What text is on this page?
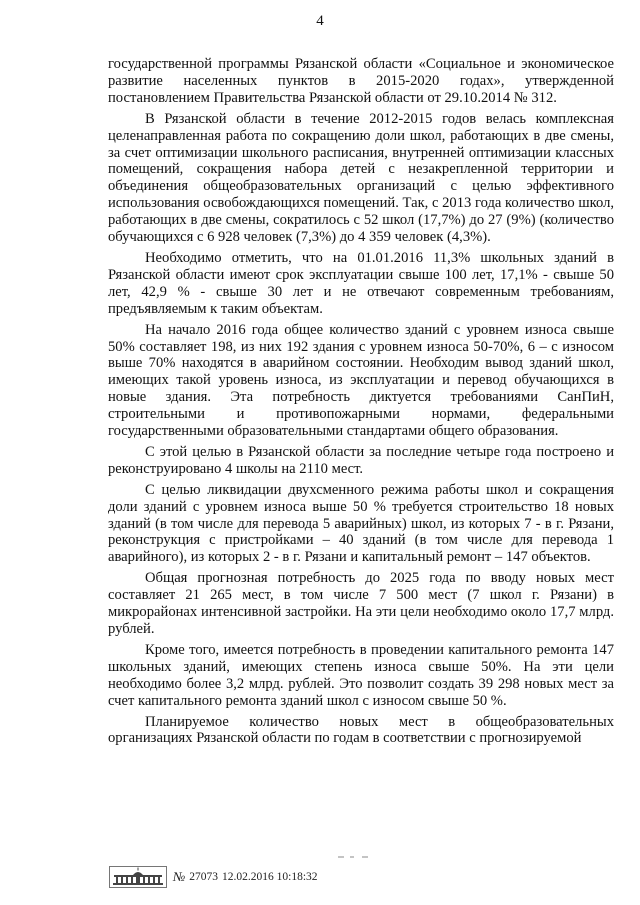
4

государственной программы Рязанской области «Социальное и экономическое развитие населенных пунктов в 2015-2020 годах», утвержденной постановлением Правительства Рязанской области от 29.10.2014 № 312.

В Рязанской области в течение 2012-2015 годов велась комплексная целенаправленная работа по сокращению доли школ, работающих в две смены, за счет оптимизации школьного расписания, внутренней оптимизации классных помещений, сокращения набора детей с незакрепленной территории и объединения общеобразовательных организаций с целью эффективного использования освобождающихся помещений. Так, с 2013 года количество школ, работающих в две смены, сократилось с 52 школ (17,7%) до 27 (9%) (количество обучающихся с 6 928 человек (7,3%) до 4 359 человек (4,3%).

Необходимо отметить, что на 01.01.2016 11,3% школьных зданий в Рязанской области имеют срок эксплуатации свыше 100 лет, 17,1% - свыше 50 лет, 42,9 % - свыше 30 лет и не отвечают современным требованиям, предъявляемым к таким объектам.

На начало 2016 года общее количество зданий с уровнем износа свыше 50% составляет 198, из них 192 здания с уровнем износа 50-70%, 6 – с износом выше 70% находятся в аварийном состоянии. Необходим вывод зданий школ, имеющих такой уровень износа, из эксплуатации и перевод обучающихся в новые здания. Эта потребность диктуется требованиями СанПиН, строительными и противопожарными нормами, федеральными государственными образовательными стандартами общего образования.

С этой целью в Рязанской области за последние четыре года построено и реконструировано 4 школы на 2110 мест.

С целью ликвидации двухсменного режима работы школ и сокращения доли зданий с уровнем износа выше 50 % требуется строительство 18 новых зданий (в том числе для перевода 5 аварийных) школ, из которых 7 - в г. Рязани, реконструкция с пристройками – 40 зданий (в том числе для перевода 1 аварийного), из которых 2 - в г. Рязани и капитальный ремонт – 147 объектов.

Общая прогнозная потребность до 2025 года по вводу новых мест составляет 21 265 мест, в том числе 7 500 мест (7 школ г. Рязани) в микрорайонах интенсивной застройки. На эти цели необходимо около 17,7 млрд. рублей.

Кроме того, имеется потребность в проведении капитального ремонта 147 школьных зданий, имеющих степень износа свыше 50%. На эти цели необходимо более 3,2 млрд. рублей. Это позволит создать 39 298 новых мест за счет капитального ремонта зданий школ с износом свыше 50 %.

Планируемое количество новых мест в общеобразовательных организациях Рязанской области по годам в соответствии с прогнозируемой

№ 27073 12.02.2016 10:18:32
